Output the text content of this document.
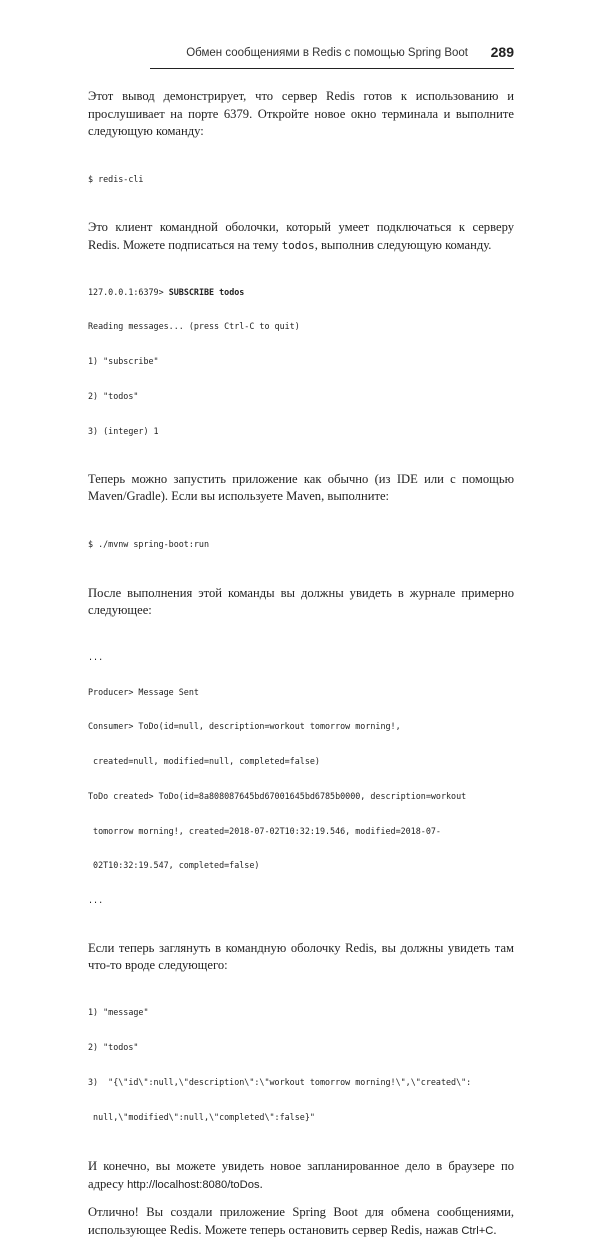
Обмен сообщениями в Redis с помощью Spring Boot 289

Этот вывод демонстрирует, что сервер Redis готов к использованию и прослушивает на порте 6379. Откройте новое окно терминала и выполните следующую команду:

$ redis-cli

Это клиент командной оболочки, который умеет подключаться к серверу Redis. Можете подписаться на тему todos, выполнив следующую команду.

127.0.0.1:6379> SUBSCRIBE todos

Reading messages... (press Ctrl-C to quit)

1) "subscribe"

2) "todos"

3) (integer) 1

Теперь можно запустить приложение как обычно (из IDE или с помощью Maven/Gradle). Если вы используете Maven, выполните:

$ ./mvnw spring-boot:run

После выполнения этой команды вы должны увидеть в журнале примерно следующее:

...

Producer> Message Sent

Consumer> ToDo(id=null, description=workout tomorrow morning!,

created=null, modified=null, completed=false)

ToDo created> ToDo(id=8a808087645bd67001645bd6785b0000, description=workout

tomorrow morning!, created=2018-07-02T10:32:19.546, modified=2018-07-

02T10:32:19.547, completed=false)

...

Если теперь заглянуть в командную оболочку Redis, вы должны увидеть там что-то вроде следующего:

1) "message"

2) "todos"

3)  "{\"id\":null,\"description\":\"workout tomorrow morning!\",\"created\":

null,\"modified\":null,\"completed\":false}"

И конечно, вы можете увидеть новое запланированное дело в браузере по адресу http://localhost:8080/toDos.

Отлично! Вы создали приложение Spring Boot для обмена сообщениями, использующее Redis. Можете теперь остановить сервер Redis, нажав Ctrl+C.
